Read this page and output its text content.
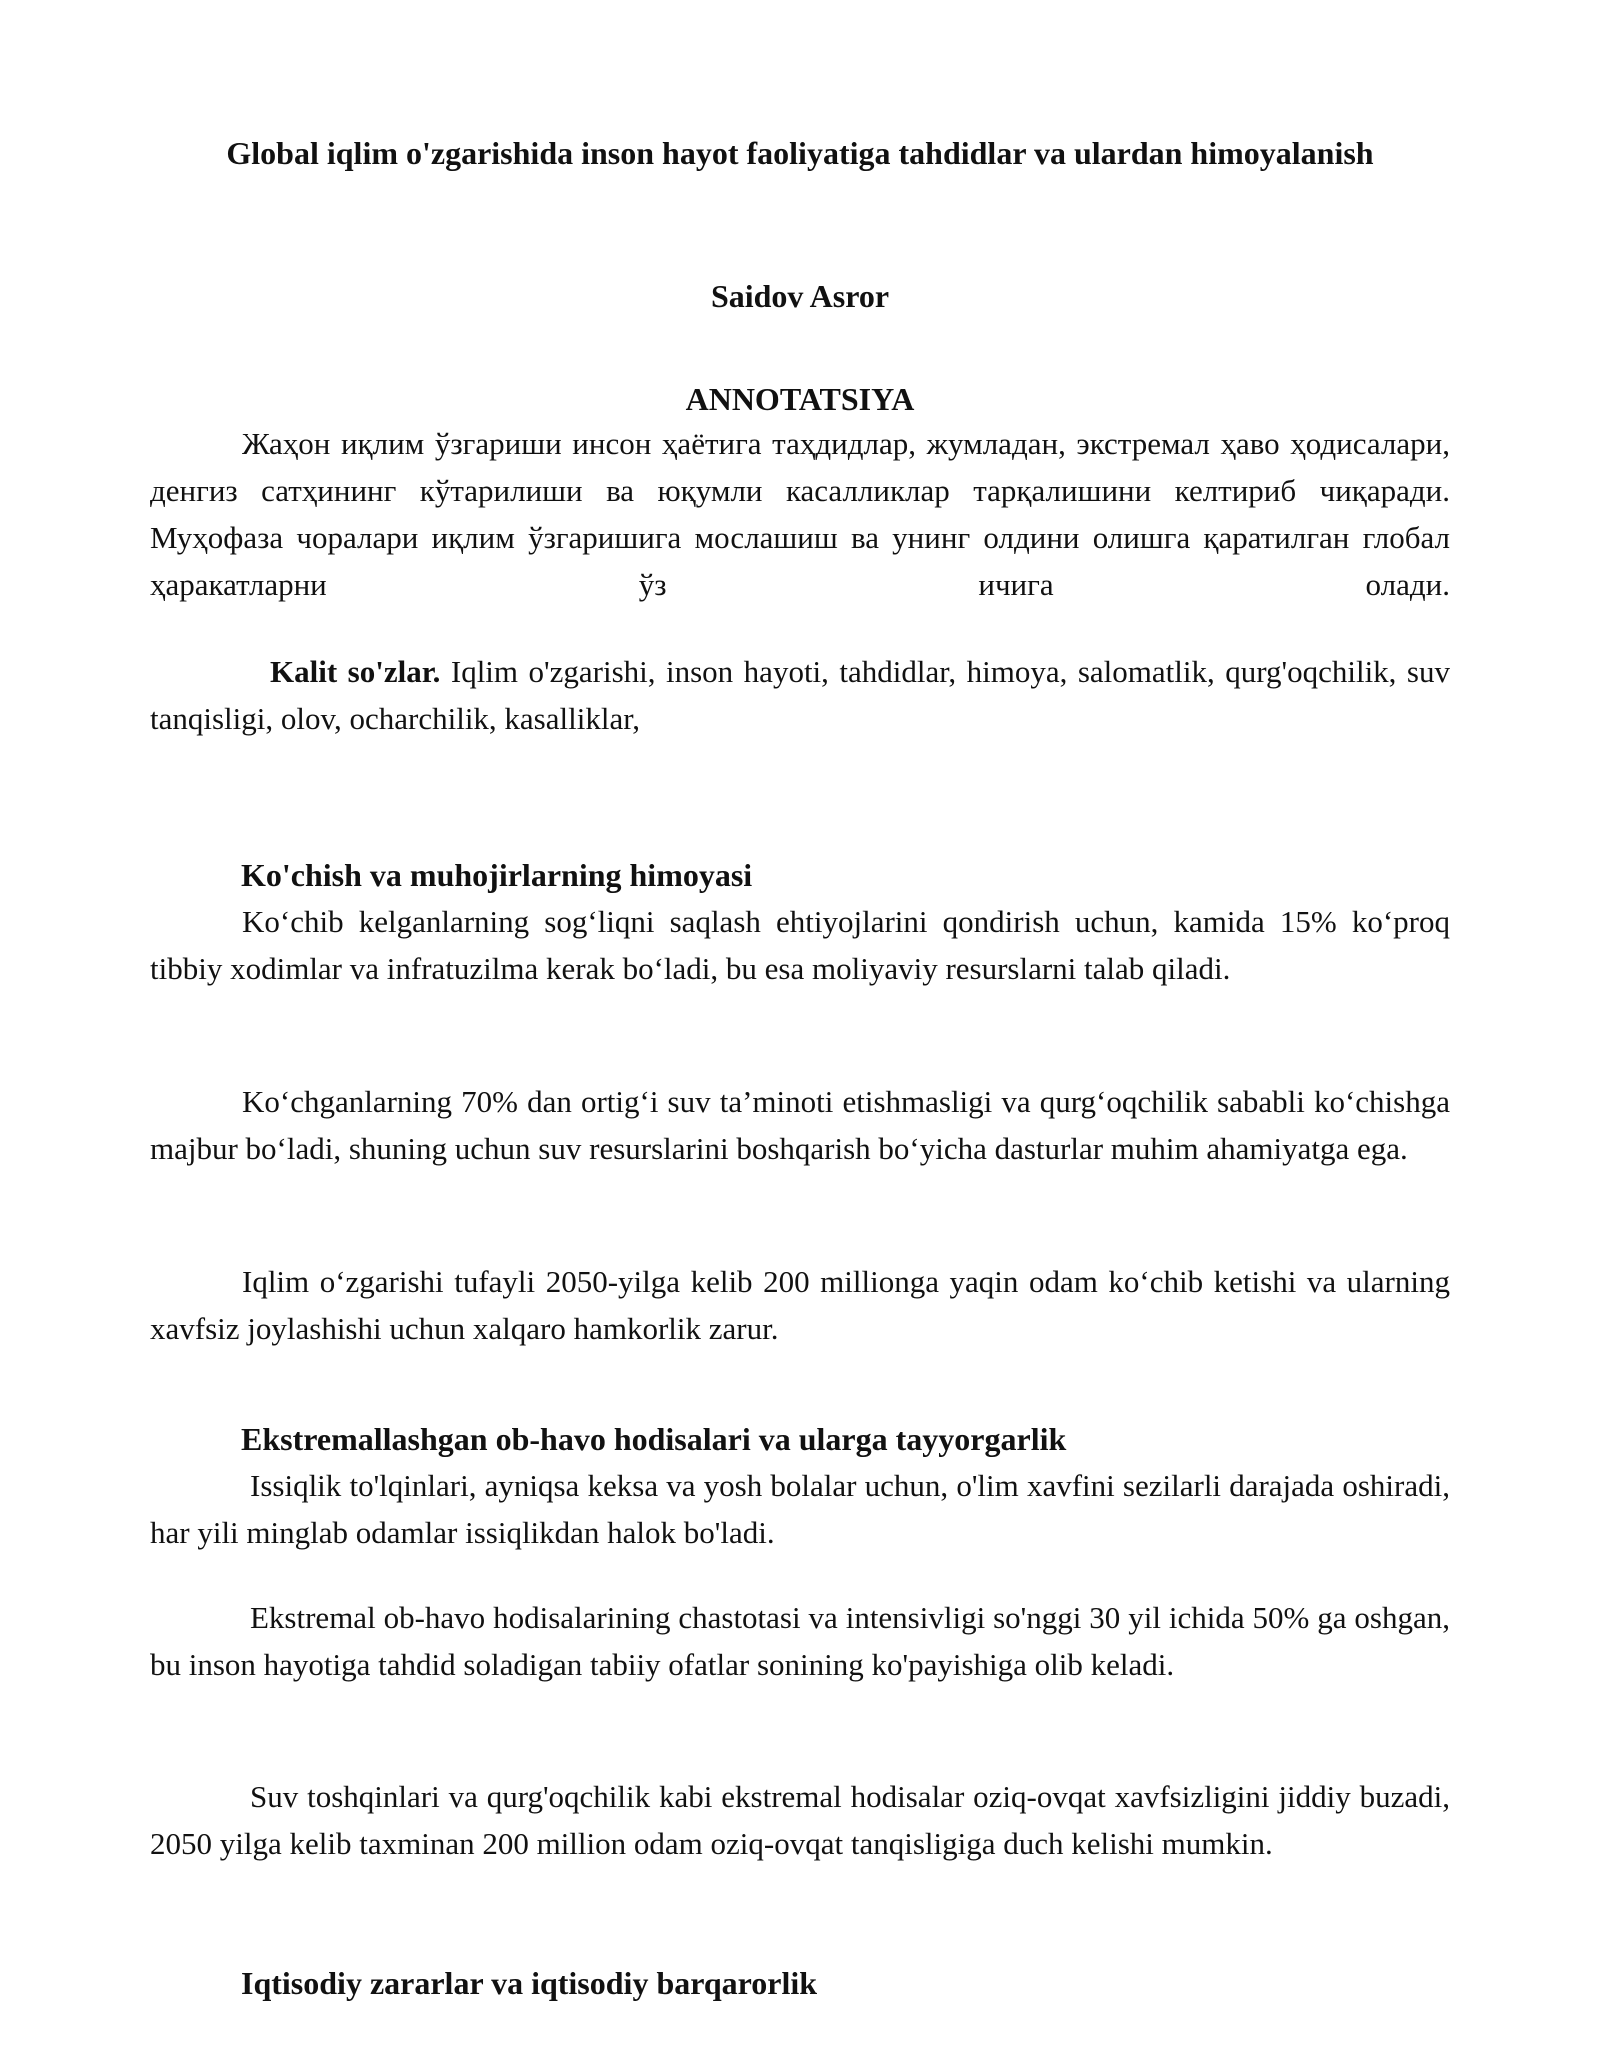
Global iqlim o'zgarishida inson hayot faoliyatiga tahdidlar va ulardan himoyalanish
Saidov Asror
ANNOTATSIYA

Жаҳон иқлим ўзгариши инсон ҳаётига таҳдидлар, жумладан, экстремал ҳаво ҳодисалари, денгиз сатҳининг кўтарилиши ва юқумли касалликлар тарқалишини келтириб чиқаради. Муҳофаза чоралари иқлим ўзгаришига мослашиш ва унинг олдини олишга қаратилган глобал ҳаракатларни ўз ичига олади.

Kalit so'zlar. Iqlim o'zgarishi, inson hayoti, tahdidlar, himoya, salomatlik, qurg'oqchilik, suv tanqisligi, olov, ocharchilik, kasalliklar,

Ko'chish va muhojirlarning himoyasi

Ko‘chib kelganlarning sog‘liqni saqlash ehtiyojlarini qondirish uchun, kamida 15% ko‘proq tibbiy xodimlar va infratuzilma kerak bo‘ladi, bu esa moliyaviy resurslarni talab qiladi.

Ko‘chganlarning 70% dan ortig‘i suv ta’minoti etishmasligi va qurg‘oqchilik sababli ko‘chishga majbur bo‘ladi, shuning uchun suv resurslarini boshqarish bo‘yicha dasturlar muhim ahamiyatga ega.

Iqlim o‘zgarishi tufayli 2050-yilga kelib 200 millionga yaqin odam ko‘chib ketishi va ularning xavfsiz joylashishi uchun xalqaro hamkorlik zarur.

Ekstremallashgan ob-havo hodisalari va ularga tayyorgarlik

Issiqlik to'lqinlari, ayniqsa keksa va yosh bolalar uchun, o'lim xavfini sezilarli darajada oshiradi, har yili minglab odamlar issiqlikdan halok bo'ladi.

Ekstremal ob-havo hodisalarining chastotasi va intensivligi so'nggi 30 yil ichida 50% ga oshgan, bu inson hayotiga tahdid soladigan tabiiy ofatlar sonining ko'payishiga olib keladi.

Suv toshqinlari va qurg'oqchilik kabi ekstremal hodisalar oziq-ovqat xavfsizligini jiddiy buzadi, 2050 yilga kelib taxminan 200 million odam oziq-ovqat tanqisligiga duch kelishi mumkin.

Iqtisodiy zararlar va iqtisodiy barqarorlik
